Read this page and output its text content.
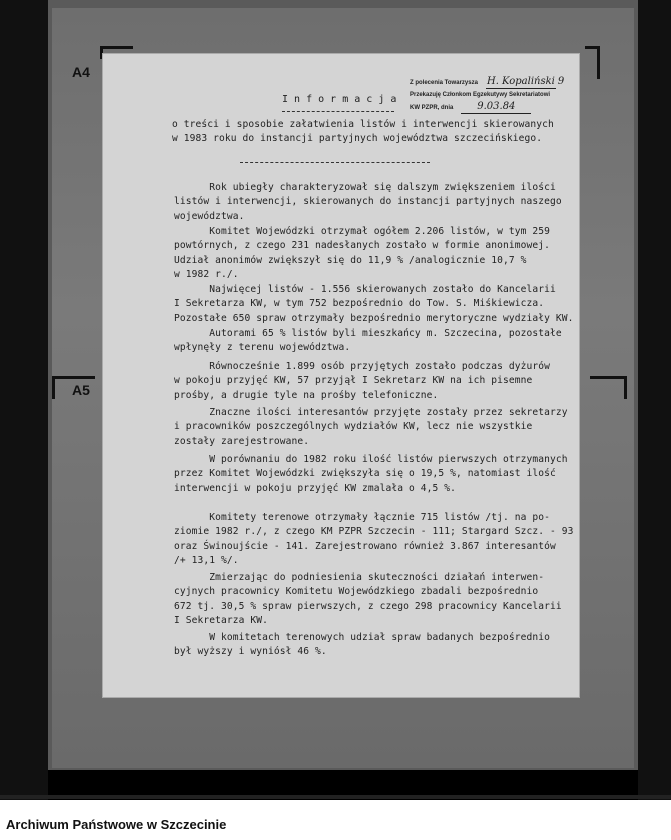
A4
A5
Z polecenia Towarzysza H. Kopaliński 9
Przekazuję Członkom Egzekutywy Sekretariatowi
KW PZPR, dnia 9.03.84
I n f o r m a c j a
o treści i sposobie załatwienia listów i interwencji skierowanych
w 1983 roku do instancji partyjnych województwa szczecińskiego.
Rok ubiegły charakteryzował się dalszym zwiększeniem ilości
listów i interwencji, skierowanych do instancji partyjnych naszego
województwa.
Komitet Wojewódzki otrzymał ogółem 2.206 listów, w tym 259
powtórnych, z czego 231 nadesłanych zostało w formie anonimowej.
Udział anonimów zwiększył się do 11,9 % /analogicznie 10,7 %
w 1982 r./.
Najwięcej listów - 1.556 skierowanych zostało do Kancelarii
I Sekretarza KW, w tym 752 bezpośrednio do Tow. S. Miśkiewicza.
Pozostałe 650 spraw otrzymały bezpośrednio merytoryczne wydziały KW.
Autorami 65 % listów byli mieszkańcy m. Szczecina, pozostałe
wpłynęły z terenu województwa.
Równocześnie 1.899 osób przyjętych zostało podczas dyżurów
w pokoju przyjęć KW, 57 przyjął I Sekretarz KW na ich pisemne
prośby, a drugie tyle na prośby telefoniczne.
Znaczne ilości interesantów przyjęte zostały przez sekretarzy
i pracowników poszczególnych wydziałów KW, lecz nie wszystkie
zostały zarejestrowane.
W porównaniu do 1982 roku ilość listów pierwszych otrzymanych
przez Komitet Wojewódzki zwiększyła się o 19,5 %, natomiast ilość
interwencji w pokoju przyjęć KW zmalała o 4,5 %.
Komitety terenowe otrzymały łącznie 715 listów /tj. na po-
ziomie 1982 r./, z czego KM PZPR Szczecin - 111; Stargard Szcz. - 93
oraz Świnoujście - 141. Zarejestrowano również 3.867 interesantów
/+ 13,1 %/.
Zmierzając do podniesienia skuteczności działań interwen-
cyjnych pracownicy Komitetu Wojewódzkiego zbadali bezpośrednio
672 tj. 30,5 % spraw pierwszych, z czego 298 pracownicy Kancelarii
I Sekretarza KW.
W komitetach terenowych udział spraw badanych bezpośrednio
był wyższy i wyniósł 46 %.
Archiwum Państwowe w Szczecinie
